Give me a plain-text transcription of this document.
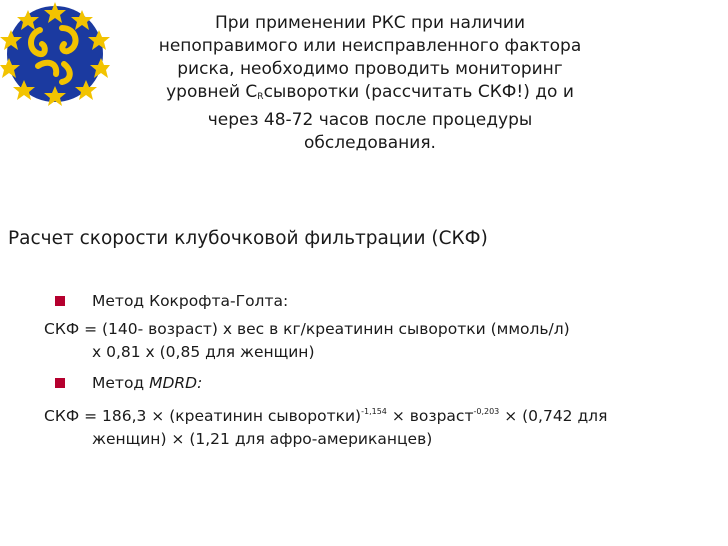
При применении РКС при наличии
непоправимого или неисправленного фактора
риска, необходимо проводить мониторинг
уровней $С_Rсыворотки$ (рассчитать СКФ!) до и
через 48-72 часов после процедуры
обследования.
Расчет скорости клубочковой фильтрации (СКФ)
Метод Кокрофта-Голта:
СКФ = (140- возраст) х вес в кг/креатинин сыворотки (ммоль/л)
х 0,81 х (0,85 для женщин)
Метод MDRD:
СКФ = 186,3 × (креатинин сыворотки)$^{-1,154}$ × возраст$^{-0,203}$ × (0,742 для
женщин) × (1,21 для афро-американцев)
